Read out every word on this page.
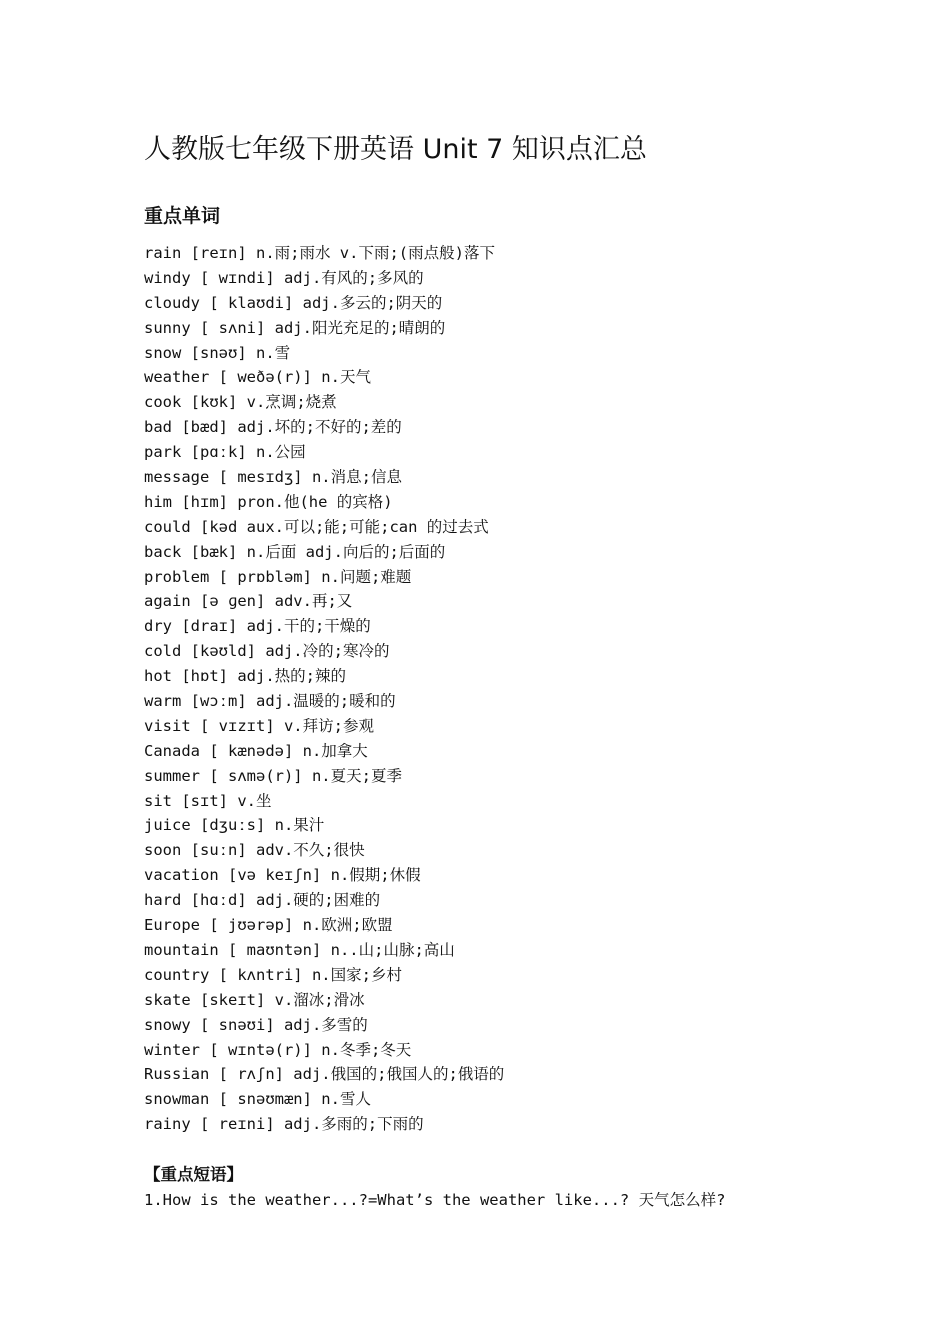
人教版七年级下册英语 Unit 7 知识点汇总
重点单词
rain [reɪn] n.雨;雨水 v.下雨;(雨点般)落下
windy [ wɪndi] adj.有风的;多风的
cloudy [ klaʊdi] adj.多云的;阴天的
sunny [ sʌni] adj.阳光充足的;晴朗的
snow [snəʊ] n.雪
weather [ weðə(r)] n.天气
cook [kʊk] v.烹调;烧煮
bad [bæd] adj.坏的;不好的;差的
park [pɑːk] n.公园
message [ mesɪdʒ] n.消息;信息
him [hɪm] pron.他(he 的宾格)
could [kəd aux.可以;能;可能;can 的过去式
back [bæk] n.后面 adj.向后的;后面的
problem [ prɒbləm] n.问题;难题
again [ə ɡen] adv.再;又
dry [draɪ] adj.干的;干燥的
cold [kəʊld] adj.冷的;寒冷的
hot [hɒt] adj.热的;辣的
warm [wɔːm] adj.温暖的;暖和的
visit [ vɪzɪt] v.拜访;参观
Canada [ kænədə] n.加拿大
summer [ sʌmə(r)] n.夏天;夏季
sit [sɪt] v.坐
juice [dʒuːs] n.果汁
soon [suːn] adv.不久;很快
vacation [və keɪʃn] n.假期;休假
hard [hɑːd] adj.硬的;困难的
Europe [ jʊərəp] n.欧洲;欧盟
mountain [ maʊntən] n..山;山脉;高山
country [ kʌntri] n.国家;乡村
skate [skeɪt] v.溜冰;滑冰
snowy [ snəʊi] adj.多雪的
winter [ wɪntə(r)] n.冬季;冬天
Russian [ rʌʃn] adj.俄国的;俄国人的;俄语的
snowman [ snəʊmæn] n.雪人
rainy [ reɪni] adj.多雨的;下雨的
【重点短语】

1.How is the weather...?=What’s the weather like...? 天气怎么样?
